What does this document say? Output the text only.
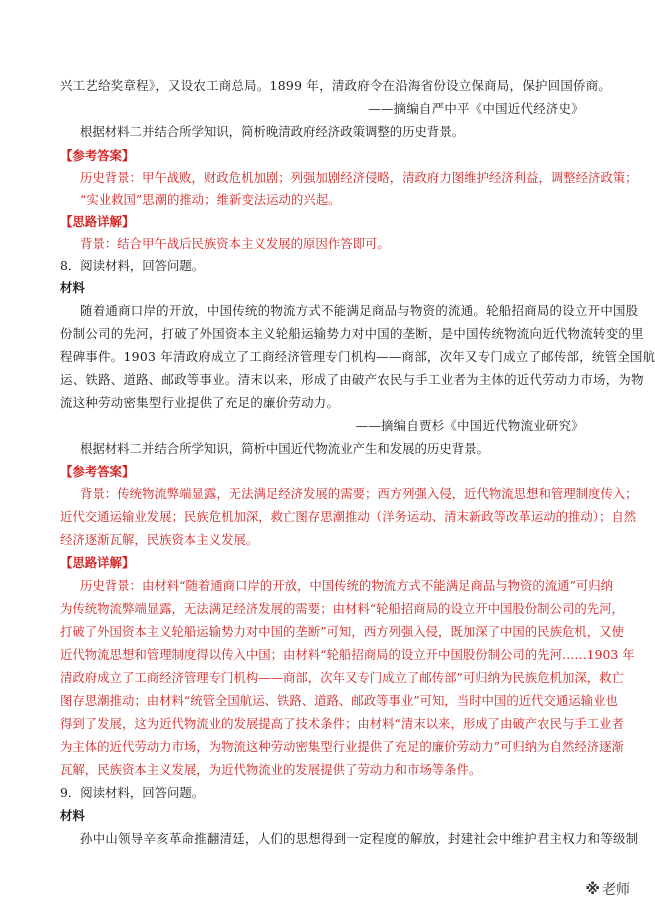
兴工艺给奖章程》，又设农工商总局。1899 年，清政府令在沿海省份设立保商局，保护回国侨商。
——摘编自严中平《中国近代经济史》
根据材料二并结合所学知识，简析晚清政府经济政策调整的历史背景。
【参考答案】
历史背景：甲午战败，财政危机加剧；列强加剧经济侵略，清政府力图维护经济利益，调整经济政策；
“实业救国”思潮的推动；维新变法运动的兴起。
【思路详解】
背景：结合甲午战后民族资本主义发展的原因作答即可。
8．阅读材料，回答问题。
材料
随着通商口岸的开放，中国传统的物流方式不能满足商品与物资的流通。轮船招商局的设立开中国股
份制公司的先河，打破了外国资本主义轮船运输势力对中国的垄断，是中国传统物流向近代物流转变的里
程碑事件。1903 年清政府成立了工商经济管理专门机构——商部，次年又专门成立了邮传部，统管全国航
运、铁路、道路、邮政等事业。清末以来，形成了由破产农民与手工业者为主体的近代劳动力市场，为物
流这种劳动密集型行业提供了充足的廉价劳动力。
——摘编自贾杉《中国近代物流业研究》
根据材料二并结合所学知识，简析中国近代物流业产生和发展的历史背景。
【参考答案】
背景：传统物流弊端显露，无法满足经济发展的需要；西方列强入侵，近代物流思想和管理制度传入；
近代交通运输业发展；民族危机加深，救亡图存思潮推动（洋务运动、清末新政等改革运动的推动）；自然
经济逐渐瓦解，民族资本主义发展。
【思路详解】
历史背景：由材料“随着通商口岸的开放，中国传统的物流方式不能满足商品与物资的流通”可归纳
为传统物流弊端显露，无法满足经济发展的需要；由材料“轮船招商局的设立开中国股份制公司的先河，
打破了外国资本主义轮船运输势力对中国的垄断”可知，西方列强入侵，既加深了中国的民族危机，又使
近代物流思想和管理制度得以传入中国；由材料“轮船招商局的设立开中国股份制公司的先河……1903 年
清政府成立了工商经济管理专门机构——商部，次年又专门成立了邮传部”可归纳为民族危机加深，救亡
图存思潮推动；由材料“统管全国航运、铁路、道路、邮政等事业”可知，当时中国的近代交通运输业也
得到了发展，这为近代物流业的发展提高了技术条件；由材料“清末以来，形成了由破产农民与手工业者
为主体的近代劳动力市场，为物流这种劳动密集型行业提供了充足的廉价劳动力”可归纳为自然经济逐渐
瓦解，民族资本主义发展，为近代物流业的发展提供了劳动力和市场等条件。
9．阅读材料，回答问题。
材料
孙中山领导辛亥革命推翻清廷，人们的思想得到一定程度的解放，封建社会中维护君主权力和等级制
※ 老师
